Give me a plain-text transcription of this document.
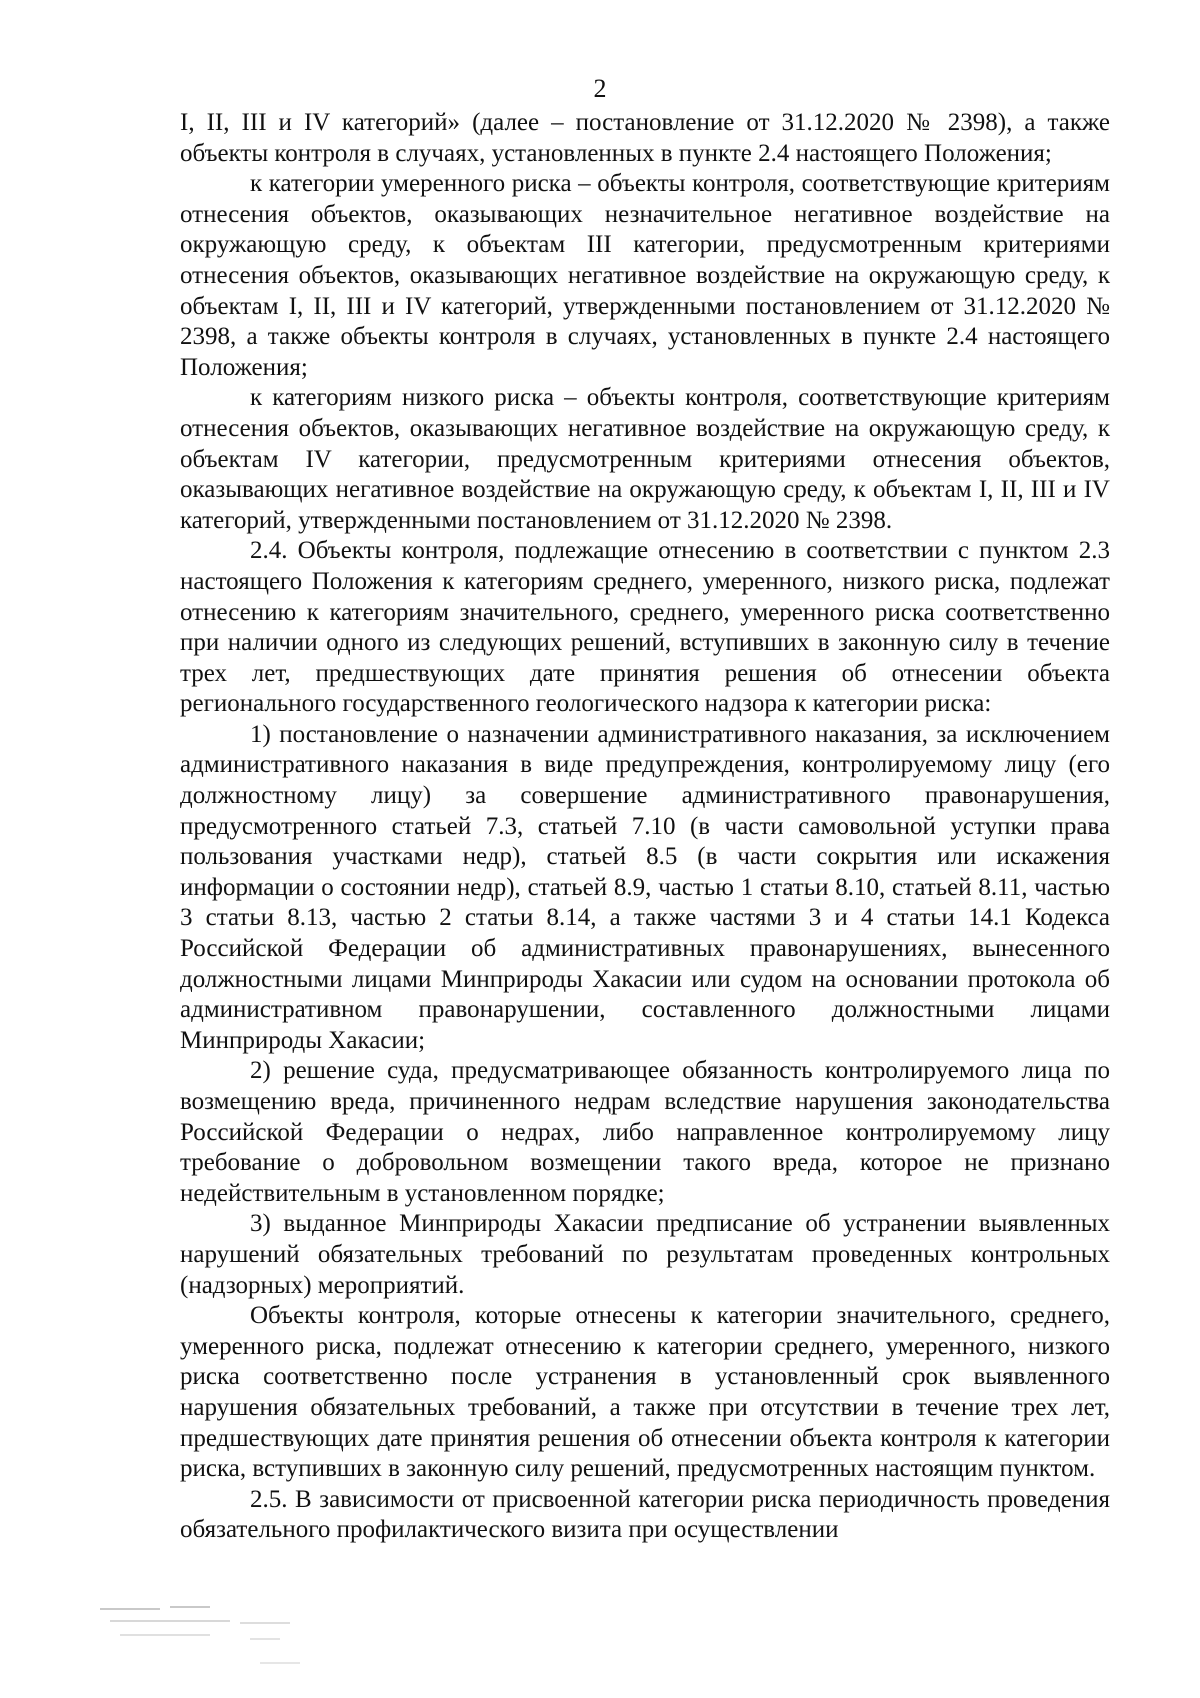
2

I, II, III и IV категорий» (далее – постановление от 31.12.2020 № 2398), а также объекты контроля в случаях, установленных в пункте 2.4 настоящего Положения;

к категории умеренного риска – объекты контроля, соответствующие критериям отнесения объектов, оказывающих незначительное негативное воздействие на окружающую среду, к объектам III категории, предусмотренным критериями отнесения объектов, оказывающих негативное воздействие на окружающую среду, к объектам I, II, III и IV категорий, утвержденными постановлением от 31.12.2020 № 2398, а также объекты контроля в случаях, установленных в пункте 2.4 настоящего Положения;

к категориям низкого риска – объекты контроля, соответствующие критериям отнесения объектов, оказывающих негативное воздействие на окружающую среду, к объектам IV категории, предусмотренным критериями отнесения объектов, оказывающих негативное воздействие на окружающую среду, к объектам I, II, III и IV категорий, утвержденными постановлением от 31.12.2020 № 2398.

2.4. Объекты контроля, подлежащие отнесению в соответствии с пунктом 2.3 настоящего Положения к категориям среднего, умеренного, низкого риска, подлежат отнесению к категориям значительного, среднего, умеренного риска соответственно при наличии одного из следующих решений, вступивших в законную силу в течение трех лет, предшествующих дате принятия решения об отнесении объекта регионального государственного геологического надзора к категории риска:

1) постановление о назначении административного наказания, за исключением административного наказания в виде предупреждения, контролируемому лицу (его должностному лицу) за совершение административного правонарушения, предусмотренного статьей 7.3, статьей 7.10 (в части самовольной уступки права пользования участками недр), статьей 8.5 (в части сокрытия или искажения информации о состоянии недр), статьей 8.9, частью 1 статьи 8.10, статьей 8.11, частью 3 статьи 8.13, частью 2 статьи 8.14, а также частями 3 и 4 статьи 14.1 Кодекса Российской Федерации об административных правонарушениях, вынесенного должностными лицами Минприроды Хакасии или судом на основании протокола об административном правонарушении, составленного должностными лицами Минприроды Хакасии;

2) решение суда, предусматривающее обязанность контролируемого лица по возмещению вреда, причиненного недрам вследствие нарушения законодательства Российской Федерации о недрах, либо направленное контролируемому лицу требование о добровольном возмещении такого вреда, которое не признано недействительным в установленном порядке;

3) выданное Минприроды Хакасии предписание об устранении выявленных нарушений обязательных требований по результатам проведенных контрольных (надзорных) мероприятий.

Объекты контроля, которые отнесены к категории значительного, среднего, умеренного риска, подлежат отнесению к категории среднего, умеренного, низкого риска соответственно после устранения в установленный срок выявленного нарушения обязательных требований, а также при отсутствии в течение трех лет, предшествующих дате принятия решения об отнесении объекта контроля к категории риска, вступивших в законную силу решений, предусмотренных настоящим пунктом.

2.5. В зависимости от присвоенной категории риска периодичность проведения обязательного профилактического визита при осуществлении
